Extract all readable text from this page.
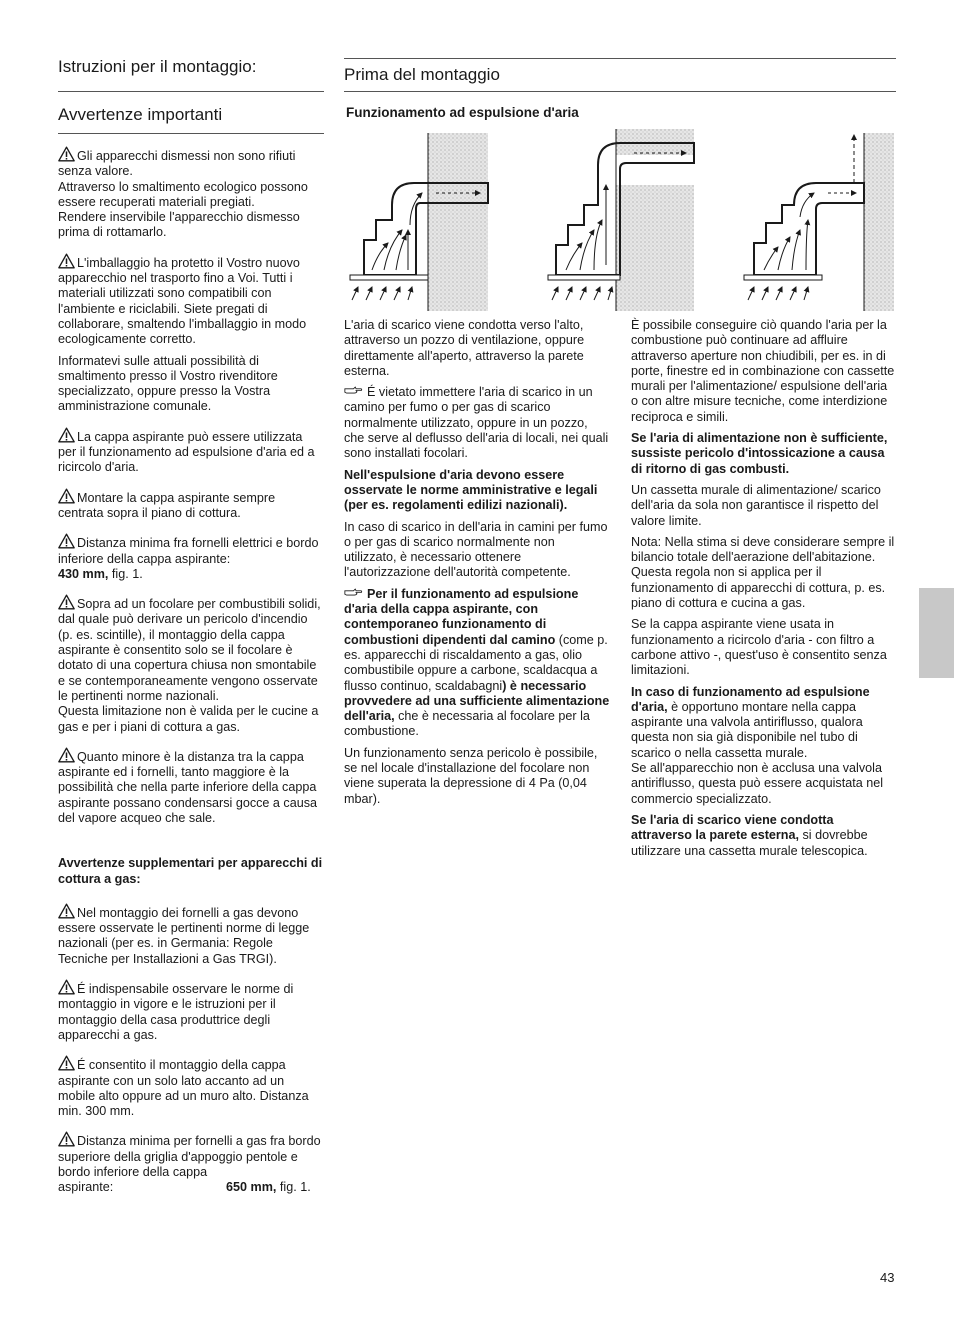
Istruzioni per il montaggio:
Avvertenze importanti

Gli apparecchi dismessi non sono rifiuti senza valore.

Attraverso lo smaltimento ecologico possono essere recuperati materiali pregiati.

Rendere inservibile l'apparecchio dismesso prima di rottamarlo.

L'imballaggio ha protetto il Vostro nuovo apparecchio nel trasporto fino a Voi. Tutti i materiali utilizzati sono compatibili con l'ambiente e riciclabili. Siete pregati di collaborare, smaltendo l'imballaggio in modo ecologicamente corretto.

Informatevi sulle attuali possibilità di smaltimento presso il Vostro rivenditore specializzato, oppure presso la Vostra amministrazione comunale.

La cappa aspirante può essere utilizzata per il funzionamento ad espulsione d'aria ed a ricircolo d'aria.

Montare la cappa aspirante sempre centrata sopra il piano di cottura.

Distanza minima fra fornelli elettrici e bordo inferiore della cappa aspirante:
430 mm, fig. 1.

Sopra ad un focolare per combustibili solidi, dal quale può derivare un pericolo d'incendio (p. es. scintille), il montaggio della cappa aspirante è consentito solo se il focolare è dotato di una copertura chiusa non smontabile e se contemporaneamente vengono osservate le pertinenti norme nazionali.

Questa limitazione non è valida per le cucine a gas e per i piani di cottura a gas.

Quanto minore è la distanza tra la cappa aspirante ed i fornelli, tanto maggiore è la possibilità che nella parte inferiore della cappa aspirante possano condensarsi gocce a causa del vapore acqueo che sale.

Avvertenze supplementari per apparecchi di cottura a gas:

Nel montaggio dei fornelli a gas devono essere osservate le pertinenti norme di legge nazionali (per es. in Germania: Regole Tecniche per Installazioni a Gas TRGI).

É indispensabile osservare le norme di montaggio in vigore e le istruzioni per il montaggio della casa produttrice degli apparecchi a gas.

É consentito il montaggio della cappa aspirante con un solo lato accanto ad un mobile alto oppure ad un muro alto. Distanza min. 300 mm.

Distanza minima per fornelli a gas fra bordo superiore della griglia d'appoggio pentole e bordo inferiore della cappa
aspirante:	650 mm, fig. 1.

Prima del montaggio
Funzionamento ad espulsione d'aria

L'aria di scarico viene condotta verso l'alto, attraverso un pozzo di ventilazione, oppure direttamente all'aperto, attraverso la parete esterna.

É vietato immettere l'aria di scarico in un camino per fumo o per gas di scarico normalmente utilizzato, oppure in un pozzo, che serve al deflusso dell'aria di locali, nei quali sono installati focolari.

Nell'espulsione d'aria devono essere osservate le norme amministrative e legali (per es. regolamenti edilizi nazionali).

In caso di scarico in dell'aria in camini per fumo o per gas di scarico normalmente non utilizzato, è necessario ottenere l'autorizzazione dell'autorità competente.

Per il funzionamento ad espulsione d'aria della cappa aspirante, con contemporaneo funzionamento di combustioni dipendenti dal camino (come p. es. apparecchi di riscaldamento a gas, olio combustibile oppure a carbone, scaldacqua a flusso continuo, scaldabagni) è necessario provvedere ad una sufficiente alimentazione dell'aria, che è necessaria al focolare per la combustione.

Un funzionamento senza pericolo è possibile, se nel locale d'installazione del focolare non viene superata la depressione di 4 Pa (0,04 mbar).

È possibile conseguire ciò quando l'aria per la combustione può continuare ad affluire attraverso aperture non chiudibili, per es. in di porte, finestre ed in combinazione con cassette murali per l'alimentazione/ espulsione dell'aria o con altre misure tecniche, come interdizione reciproca e simili.

Se l'aria di alimentazione non è sufficiente, sussiste pericolo d'intossicazione a causa di ritorno di gas combusti.

Un cassetta murale di alimentazione/ scarico dell'aria da sola non garantisce il rispetto del valore limite.

Nota: Nella stima si deve considerare sempre il bilancio totale dell'aerazione dell'abitazione. Questa regola non si applica per il funzionamento di apparecchi di cottura, p. es. piano di cottura e cucina a gas.

Se la cappa aspirante viene usata in funzionamento a ricircolo d'aria - con filtro a carbone attivo -, quest'uso è consentito senza limitazioni.

In caso di funzionamento ad espulsione d'aria, è opportuno montare nella cappa aspirante una valvola antiriflusso, qualora questa non sia già disponibile nel tubo di scarico o nella cassetta murale.

Se all'apparecchio non è acclusa una valvola antiriflusso, questa può essere acquistata nel commercio specializzato.

Se l'aria di scarico viene condotta attraverso la parete esterna, si dovrebbe utilizzare una cassetta murale telescopica.

43
